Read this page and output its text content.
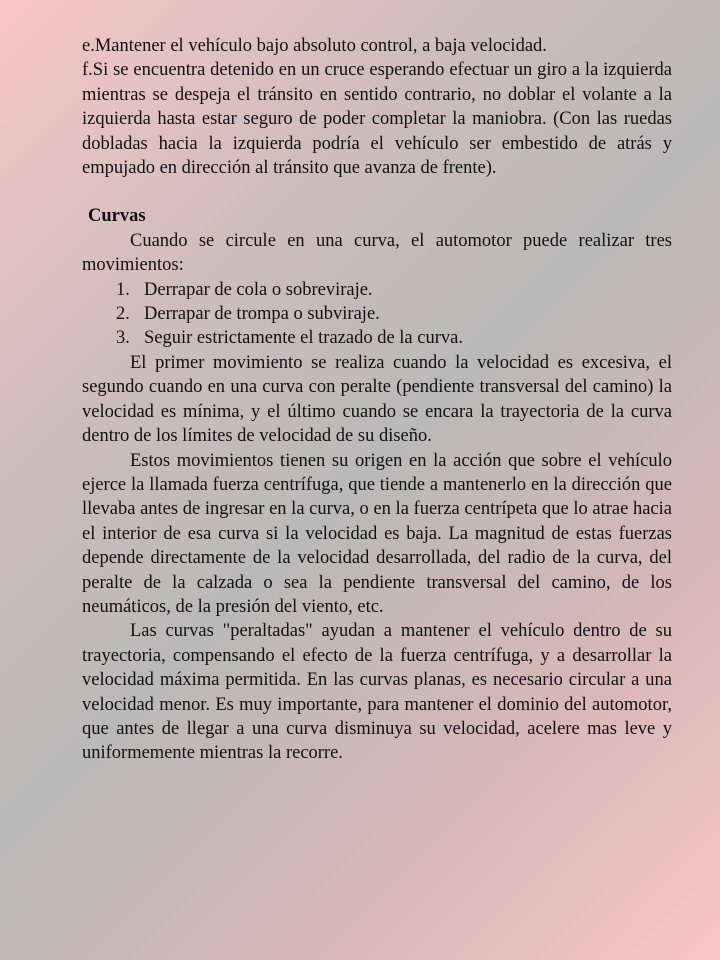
e.Mantener el vehículo bajo absoluto control, a baja velocidad.

f.Si se encuentra detenido en un cruce esperando efectuar un giro a la izquierda mientras se despeja el tránsito en sentido contrario, no doblar el volante a la izquierda hasta estar seguro de poder completar la maniobra. (Con las ruedas dobladas hacia la izquierda podría el vehículo ser embestido de atrás y empujado en dirección al tránsito que avanza de frente).

Curvas

Cuando se circule en una curva, el automotor puede realizar tres movimientos:

1. Derrapar de cola o sobreviraje.
2. Derrapar de trompa o subviraje.
3. Seguir estrictamente el trazado de la curva.

El primer movimiento se realiza cuando la velocidad es excesiva, el segundo cuando en una curva con peralte (pendiente transversal del camino) la velocidad es mínima, y el último cuando se encara la trayectoria de la curva dentro de los límites de velocidad de su diseño.

Estos movimientos tienen su origen en la acción que sobre el vehículo ejerce la llamada fuerza centrífuga, que tiende a mantenerlo en la dirección que llevaba antes de ingresar en la curva, o en la fuerza centrípeta que lo atrae hacia el interior de esa curva si la velocidad es baja. La magnitud de estas fuerzas depende directamente de la velocidad desarrollada, del radio de la curva, del peralte de la calzada o sea la pendiente transversal del camino, de los neumáticos, de la presión del viento, etc.

Las curvas "peraltadas" ayudan a mantener el vehículo dentro de su trayectoria, compensando el efecto de la fuerza centrífuga, y a desarrollar la velocidad máxima permitida. En las curvas planas, es necesario circular a una velocidad menor. Es muy importante, para mantener el dominio del automotor, que antes de llegar a una curva disminuya su velocidad, acelere mas leve y uniformemente mientras la recorre.
